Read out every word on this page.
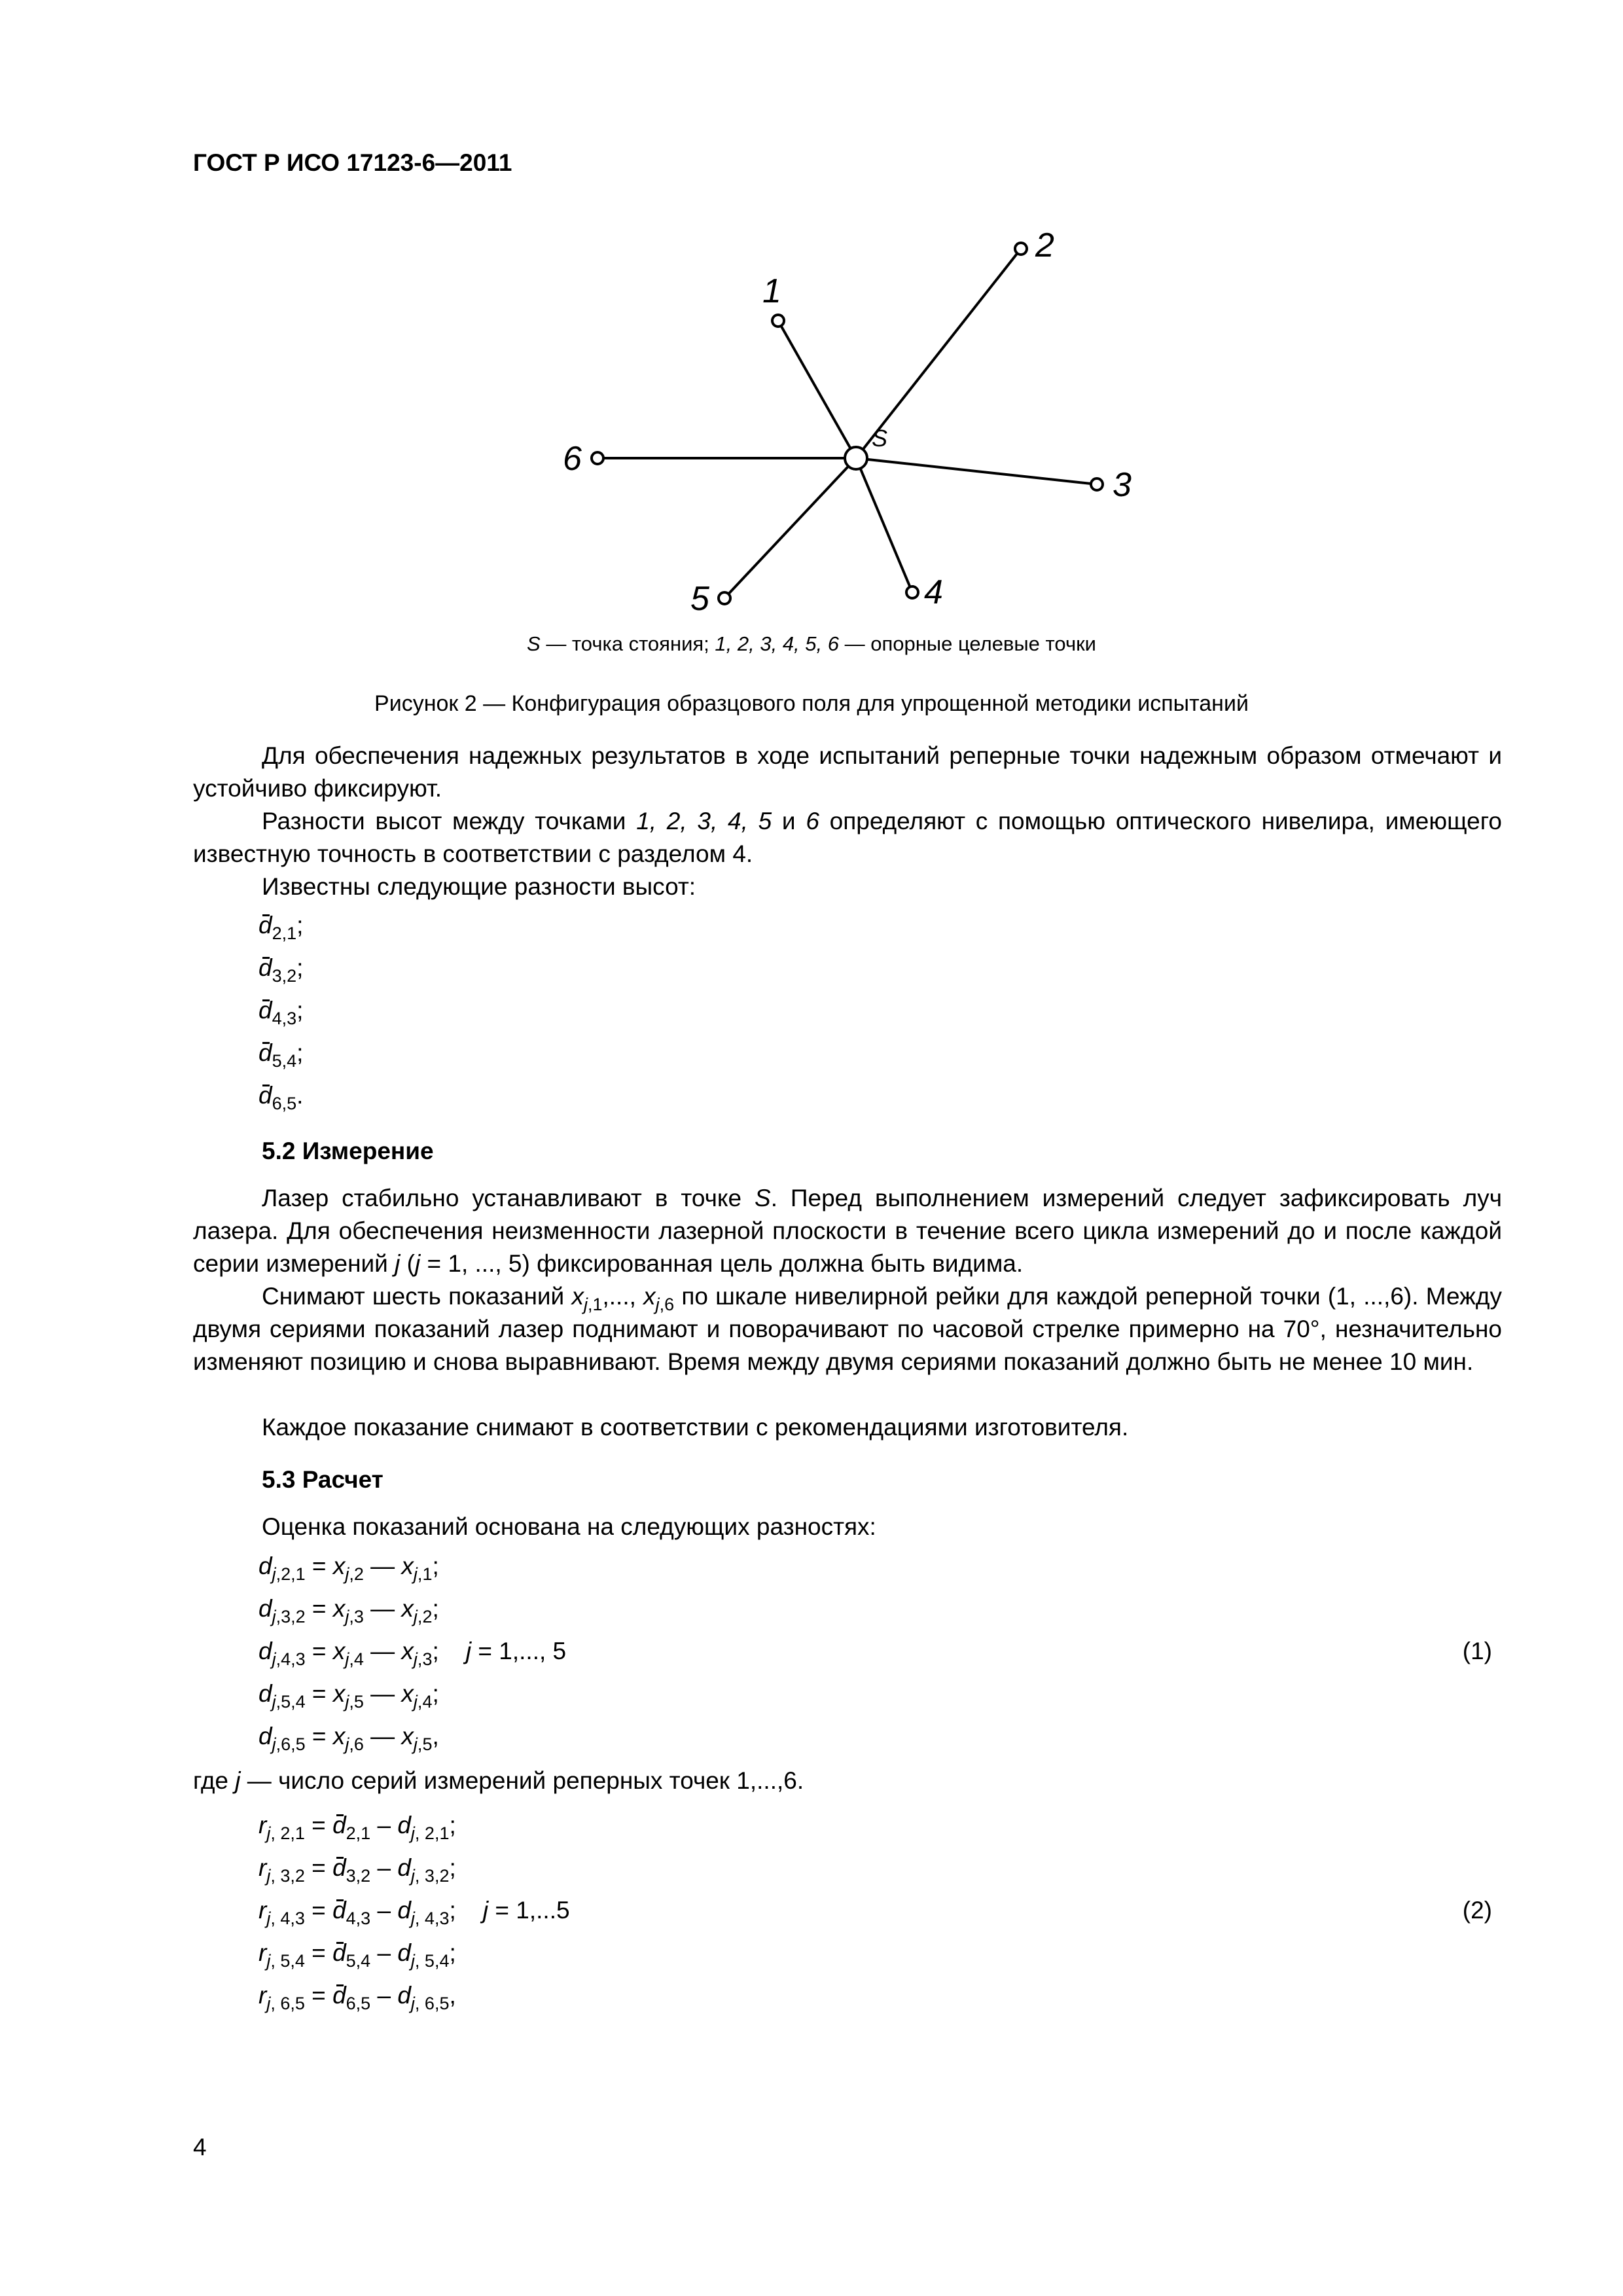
ГОСТ Р ИСО 17123-6—2011
1
2
3
4
5
6
S
S — точка стояния; 1, 2, 3, 4, 5, 6 — опорные целевые точки
Рисунок 2 — Конфигурация образцового поля для упрощенной методики испытаний
Для обеспечения надежных результатов в ходе испытаний реперные точки надежным образом отмечают и устойчиво фиксируют.
Разности высот между точками 1, 2, 3, 4, 5 и 6 определяют с помощью оптического нивелира, имеющего известную точность в соответствии с разделом 4.
Известны следующие разности высот:
$d_{2,1}$;
$d_{3,2}$;
$d_{4,3}$;
$d_{5,4}$;
$d_{6,5}$.
5.2 Измерение
Лазер стабильно устанавливают в точке S. Перед выполнением измерений следует зафиксировать луч лазера. Для обеспечения неизменности лазерной плоскости в течение всего цикла измерений до и после каждой серии измерений j (j = 1, ..., 5) фиксированная цель должна быть видима.
Снимают шесть показаний $x_{j,1}$,..., $x_{j,6}$ по шкале нивелирной рейки для каждой реперной точки (1, ...,6). Между двумя сериями показаний лазер поднимают и поворачивают по часовой стрелке примерно на 70°, незначительно изменяют позицию и снова выравнивают. Время между двумя сериями показаний должно быть не менее 10 мин.
Каждое показание снимают в соответствии с рекомендациями изготовителя.
5.3 Расчет
Оценка показаний основана на следующих разностях:
$d_{j,2,1} = x_{j,2}$ — $x_{j,1}$;
$d_{j,3,2} = x_{j,3}$ — $x_{j,2}$;
$d_{j,4,3} = x_{j,4}$ — $x_{j,3}$; j = 1,..., 5	(1)
$d_{j,5,4} = x_{j,5}$ — $x_{j,4}$;
$d_{j,6,5} = x_{j,6}$ — $x_{j,5}$,
где j — число серий измерений реперных точек 1,...,6.
$r_{j, 2,1} = d_{2,1} - d_{j, 2,1}$;
$r_{j, 3,2} = d_{3,2} - d_{j, 3,2}$;
$r_{j, 4,3} = d_{4,3} - d_{j, 4,3}$; j = 1,...5	(2)
$r_{j, 5,4} = d_{5,4} - d_{j, 5,4}$;
$r_{j, 6,5} = d_{6,5} - d_{j, 6,5}$,
4
